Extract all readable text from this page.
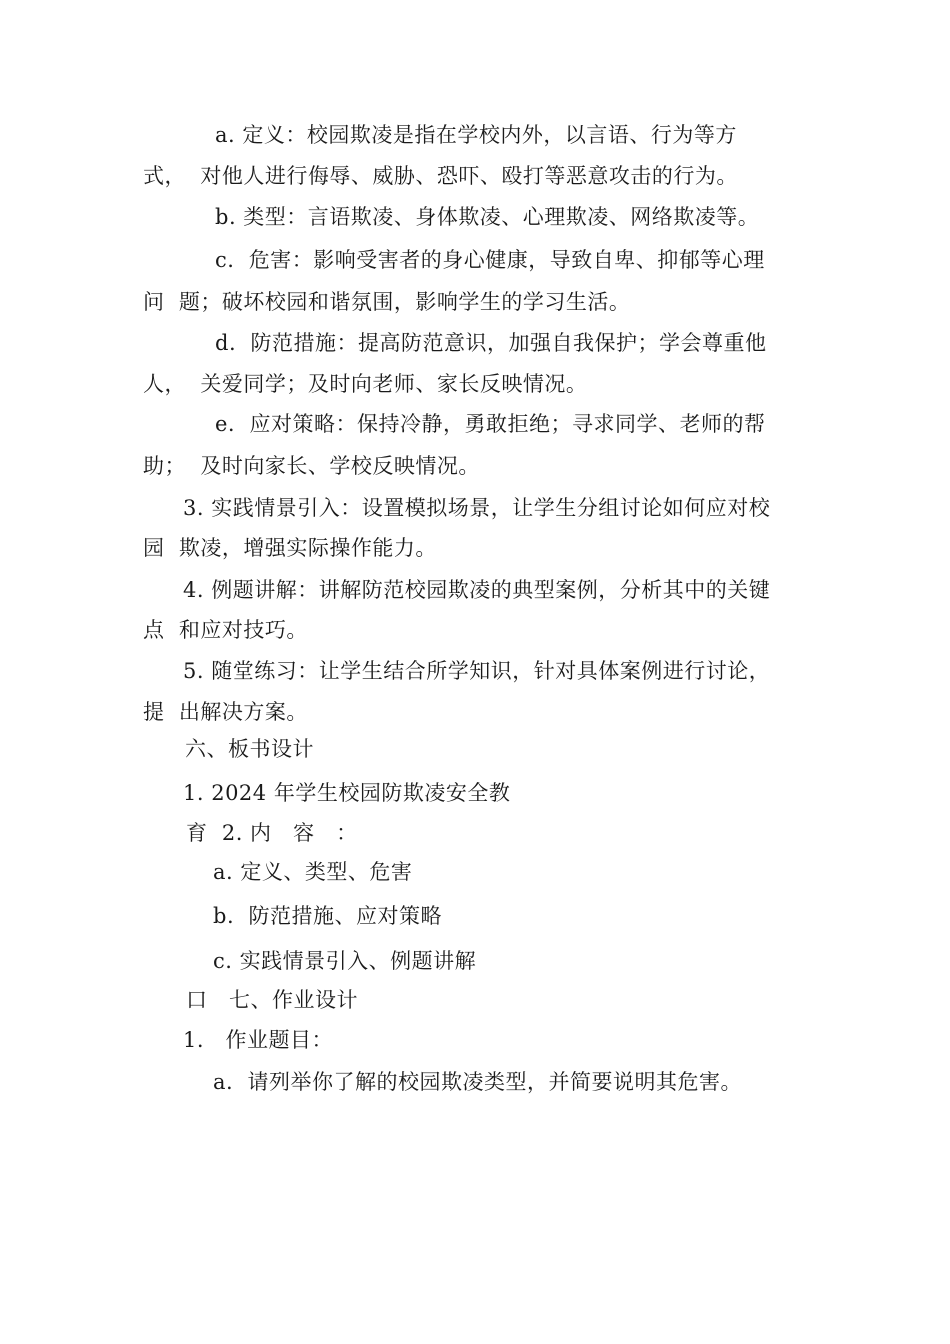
a. 定义：校园欺凌是指在学校内外，以言语、行为等方
式，  对他人进行侮辱、威胁、恐吓、殴打等恶意攻击的行为。
b. 类型：言语欺凌、身体欺凌、心理欺凌、网络欺凌等。
c.  危害：影响受害者的身心健康，导致自卑、抑郁等心理
问  题；破坏校园和谐氛围，影响学生的学习生活。
d.  防范措施：提高防范意识，加强自我保护；学会尊重他
人，  关爱同学；及时向老师、家长反映情况。
e.  应对策略：保持冷静，勇敢拒绝；寻求同学、老师的帮
助；  及时向家长、学校反映情况。
3. 实践情景引入：设置模拟场景，让学生分组讨论如何应对校
园  欺凌，增强实际操作能力。
4. 例题讲解：讲解防范校园欺凌的典型案例，分析其中的关键
点  和应对技巧。
5. 随堂练习：让学生结合所学知识，针对具体案例进行讨论，
提  出解决方案。
六、板书设计
1. 2024 年学生校园防欺凌安全教
育  2. 内   容   ：
a. 定义、类型、危害
b.  防范措施、应对策略
c. 实践情景引入、例题讲解
口   七、作业设计
1.   作业题目：
a.  请列举你了解的校园欺凌类型，并简要说明其危害。
